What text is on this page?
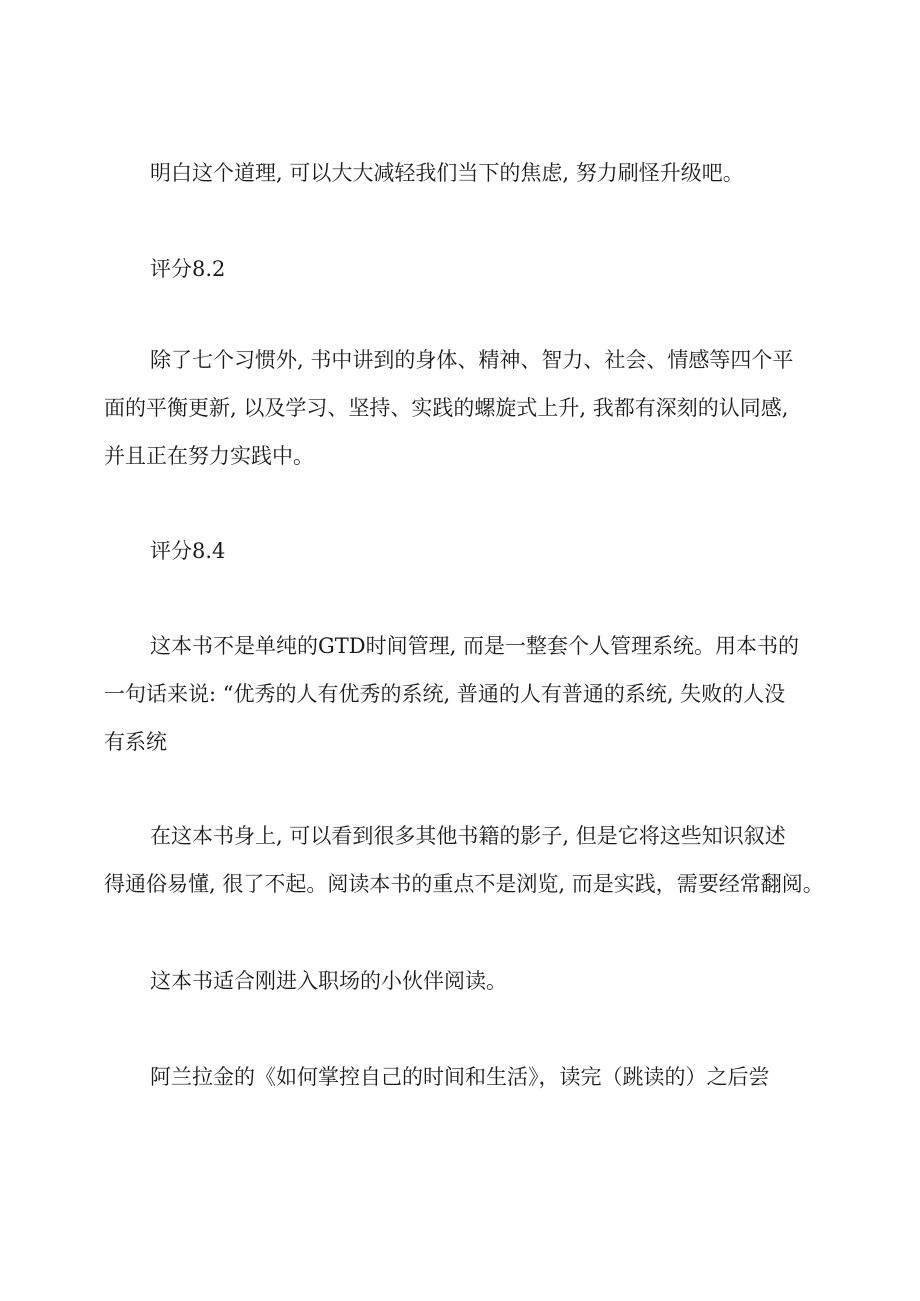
明白这个道理, 可以大大减轻我们当下的焦虑, 努力刷怪升级吧。

评分8.2

除了七个习惯外, 书中讲到的身体、精神、智力、社会、情感等四个平

面的平衡更新, 以及学习、坚持、实践的螺旋式上升, 我都有深刻的认同感,

并且正在努力实践中。

评分8.4

这本书不是单纯的GTD时间管理, 而是一整套个人管理系统。用本书的

一句话来说: “优秀的人有优秀的系统, 普通的人有普通的系统, 失败的人没

有系统

在这本书身上, 可以看到很多其他书籍的影子, 但是它将这些知识叙述

得通俗易懂, 很了不起。阅读本书的重点不是浏览, 而是实践，需要经常翻阅。

这本书适合刚进入职场的小伙伴阅读。

阿兰拉金的《如何掌控自己的时间和生活》，读完（跳读的）之后尝
